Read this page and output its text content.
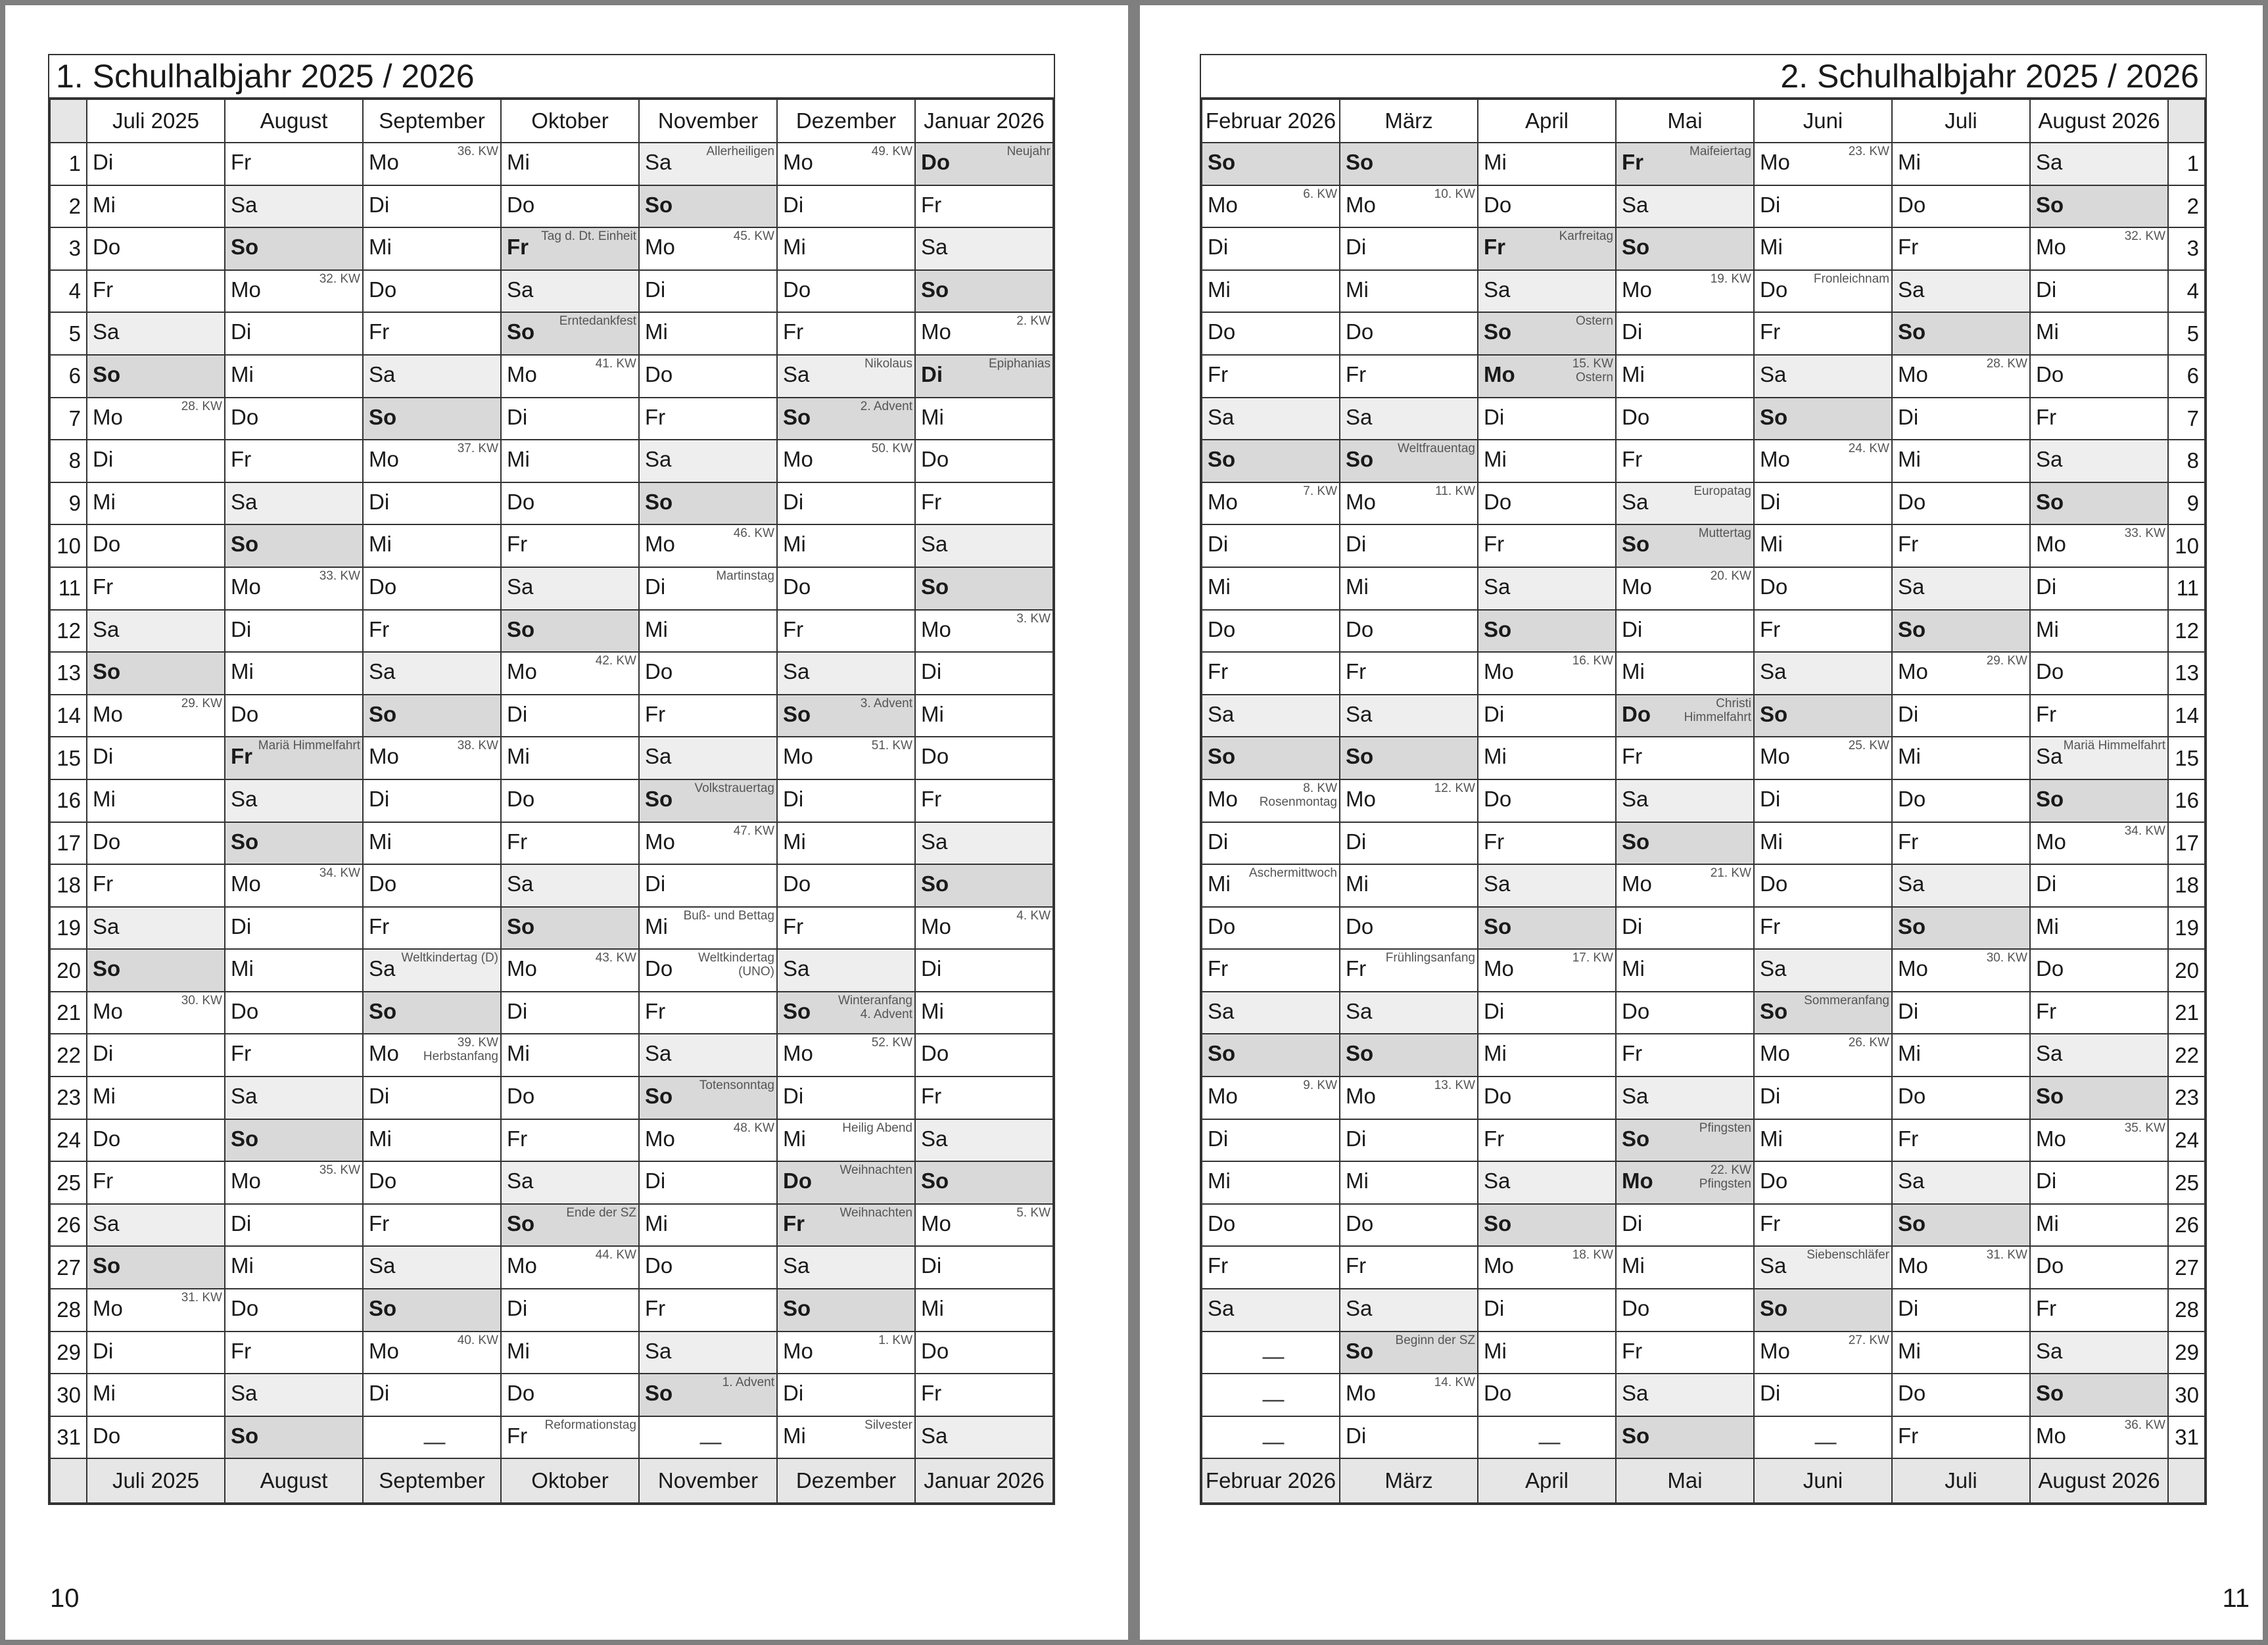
1. Schulhalbjahr 2025 / 2026
	Juli 2025	August	September	Oktober	November	Dezember	Januar 2026
1	Di	Fr	Mo 36. KW	Mi	Sa Allerheiligen	Mo 49. KW	Do Neujahr

2	Mi	Sa	Di	Do	So	Di	Fr

3	Do	So	Mi	Fr Tag d. Dt. Einheit	Mo 45. KW	Mi	Sa

4	Fr	Mo 32. KW	Do	Sa	Di	Do	So

5	Sa	Di	Fr	So Erntedankfest	Mi	Fr	Mo 2. KW

6	So	Mi	Sa	Mo 41. KW	Do	Sa Nikolaus	Di Epiphanias

7	Mo 28. KW	Do	So	Di	Fr	So 2. Advent	Mi

8	Di	Fr	Mo 37. KW	Mi	Sa	Mo 50. KW	Do

9	Mi	Sa	Di	Do	So	Di	Fr

10	Do	So	Mi	Fr	Mo 46. KW	Mi	Sa

11	Fr	Mo 33. KW	Do	Sa	Di Martinstag	Do	So

12	Sa	Di	Fr	So	Mi	Fr	Mo 3. KW

13	So	Mi	Sa	Mo 42. KW	Do	Sa	Di

14	Mo 29. KW	Do	So	Di	Fr	So 3. Advent	Mi

15	Di	Fr Mariä Himmelfahrt	Mo 38. KW	Mi	Sa	Mo 51. KW	Do

16	Mi	Sa	Di	Do	So Volkstrauertag	Di	Fr

17	Do	So	Mi	Fr	Mo 47. KW	Mi	Sa

18	Fr	Mo 34. KW	Do	Sa	Di	Do	So

19	Sa	Di	Fr	So	Mi Buß- und Bettag	Fr	Mo 4. KW

20	So	Mi	Sa Weltkindertag (D)	Mo 43. KW	Do Weltkindertag
(UNO)	Sa	Di

21	Mo 30. KW	Do	So	Di	Fr	So Winteranfang
4. Advent	Mi

22	Di	Fr	Mo 39. KW
Herbstanfang	Mi	Sa	Mo 52. KW	Do

23	Mi	Sa	Di	Do	So Totensonntag	Di	Fr

24	Do	So	Mi	Fr	Mo 48. KW	Mi Heilig Abend	Sa

25	Fr	Mo 35. KW	Do	Sa	Di	Do Weihnachten	So

26	Sa	Di	Fr	So Ende der SZ	Mi	Fr Weihnachten	Mo 5. KW

27	So	Mi	Sa	Mo 44. KW	Do	Sa	Di

28	Mo 31. KW	Do	So	Di	Fr	So	Mi

29	Di	Fr	Mo 40. KW	Mi	Sa	Mo 1. KW	Do

30	Mi	Sa	Di	Do	So 1. Advent	Di	Fr

31	Do	So	—	Fr Reformationstag	—	Mi Silvester	Sa

	Juli 2025	August	September	Oktober	November	Dezember	Januar 2026
10
2. Schulhalbjahr 2025 / 2026
Februar 2026	März	April	Mai	Juni	Juli	August 2026	

So	So	Mi	Fr Maifeiertag	Mo 23. KW	Mi	Sa	1

Mo 6. KW	Mo 10. KW	Do	Sa	Di	Do	So	2

Di	Di	Fr Karfreitag	So	Mi	Fr	Mo 32. KW	3

Mi	Mi	Sa	Mo 19. KW	Do Fronleichnam	Sa	Di	4

Do	Do	So Ostern	Di	Fr	So	Mi	5

Fr	Fr	Mo 15. KW
Ostern	Mi	Sa	Mo 28. KW	Do	6

Sa	Sa	Di	Do	So	Di	Fr	7

So	So Weltfrauentag	Mi	Fr	Mo 24. KW	Mi	Sa	8

Mo 7. KW	Mo 11. KW	Do	Sa Europatag	Di	Do	So	9

Di	Di	Fr	So Muttertag	Mi	Fr	Mo 33. KW	10

Mi	Mi	Sa	Mo 20. KW	Do	Sa	Di	11

Do	Do	So	Di	Fr	So	Mi	12

Fr	Fr	Mo 16. KW	Mi	Sa	Mo 29. KW	Do	13

Sa	Sa	Di	Do Christi
Himmelfahrt	So	Di	Fr	14

So	So	Mi	Fr	Mo 25. KW	Mi	Sa Mariä Himmelfahrt	15

Mo 8. KW
Rosenmontag	Mo 12. KW	Do	Sa	Di	Do	So	16

Di	Di	Fr	So	Mi	Fr	Mo 34. KW	17

Mi Aschermittwoch	Mi	Sa	Mo 21. KW	Do	Sa	Di	18

Do	Do	So	Di	Fr	So	Mi	19

Fr	Fr Frühlingsanfang	Mo 17. KW	Mi	Sa	Mo 30. KW	Do	20

Sa	Sa	Di	Do	So Sommeranfang	Di	Fr	21

So	So	Mi	Fr	Mo 26. KW	Mi	Sa	22

Mo 9. KW	Mo 13. KW	Do	Sa	Di	Do	So	23

Di	Di	Fr	So Pfingsten	Mi	Fr	Mo 35. KW	24

Mi	Mi	Sa	Mo 22. KW
Pfingsten	Do	Sa	Di	25

Do	Do	So	Di	Fr	So	Mi	26

Fr	Fr	Mo 18. KW	Mi	Sa Siebenschläfer	Mo 31. KW	Do	27

Sa	Sa	Di	Do	So	Di	Fr	28

—	So Beginn der SZ	Mi	Fr	Mo 27. KW	Mi	Sa	29

—	Mo 14. KW	Do	Sa	Di	Do	So	30

—	Di	—	So	—	Fr	Mo 36. KW	31
Februar 2026	März	April	Mai	Juni	Juli	August 2026	
11
